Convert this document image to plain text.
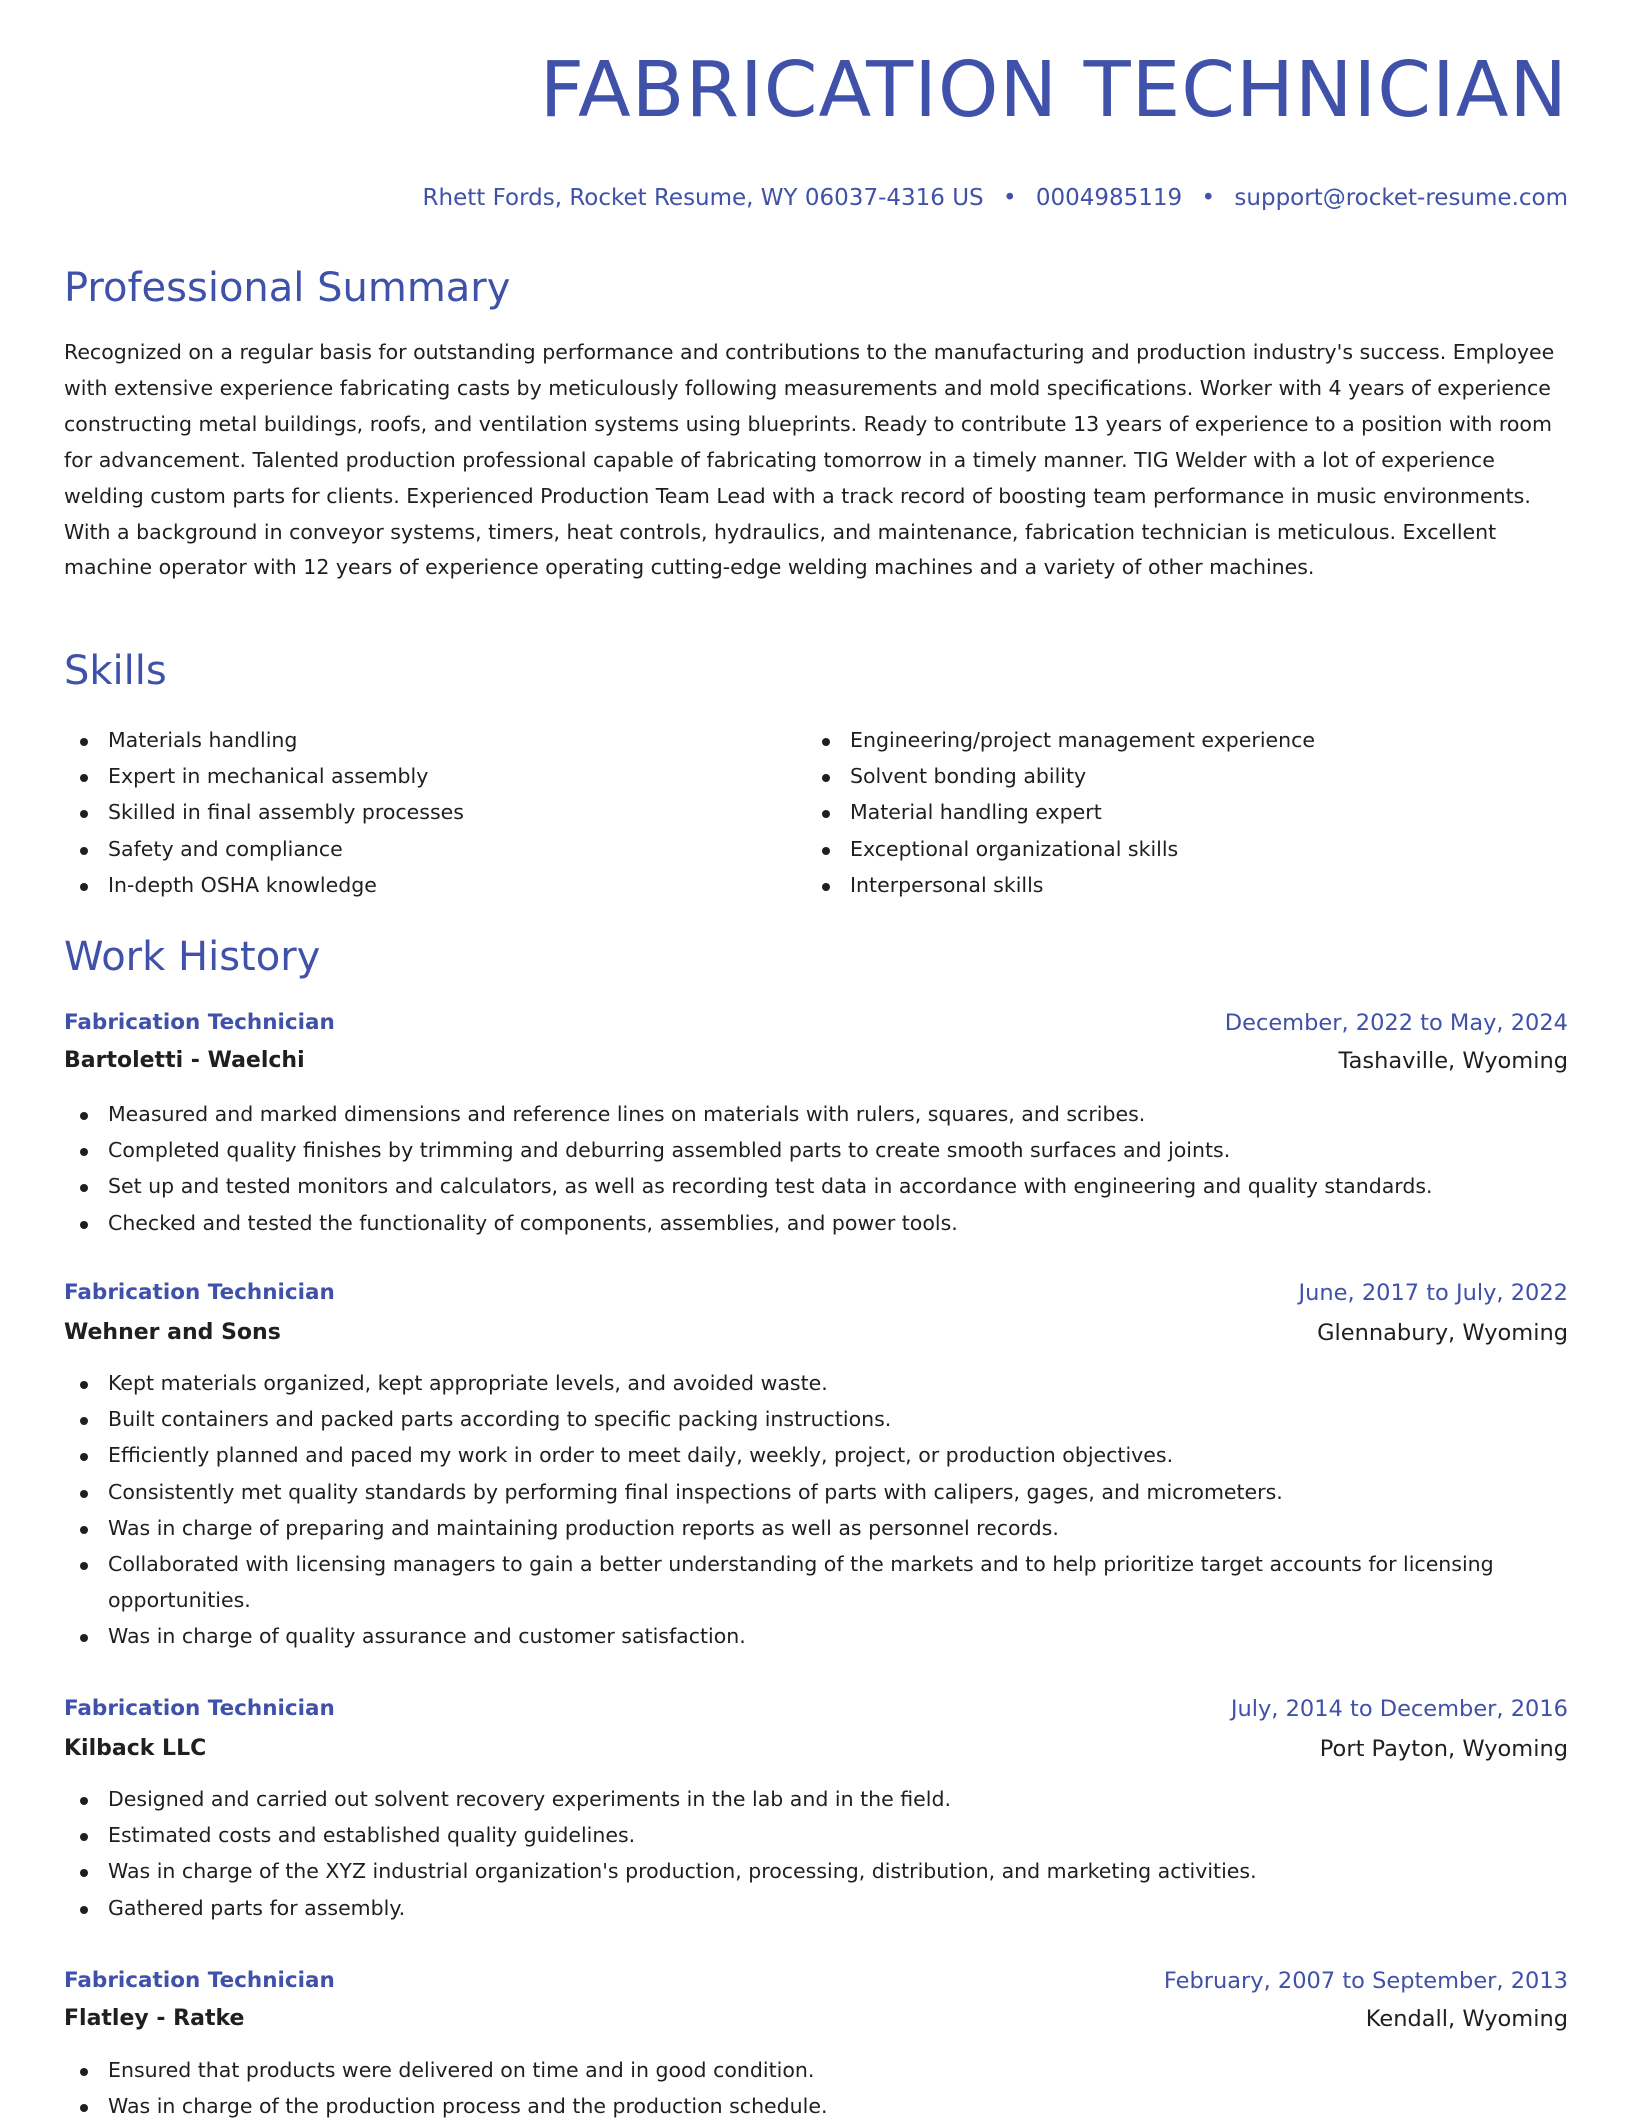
FABRICATION TECHNICIAN
Rhett Fords, Rocket Resume, WY 06037-4316 US • 0004985119 • support@rocket-resume.com
Professional Summary

Recognized on a regular basis for outstanding performance and contributions to the manufacturing and production industry's success. Employee with extensive experience fabricating casts by meticulously following measurements and mold specifications. Worker with 4 years of experience constructing metal buildings, roofs, and ventilation systems using blueprints. Ready to contribute 13 years of experience to a position with room for advancement. Talented production professional capable of fabricating tomorrow in a timely manner. TIG Welder with a lot of experience welding custom parts for clients. Experienced Production Team Lead with a track record of boosting team performance in music environments. With a background in conveyor systems, timers, heat controls, hydraulics, and maintenance, fabrication technician is meticulous. Excellent machine operator with 12 years of experience operating cutting-edge welding machines and a variety of other machines.

Skills
Materials handling
Expert in mechanical assembly
Skilled in final assembly processes
Safety and compliance
In-depth OSHA knowledge
Engineering/project management experience
Solvent bonding ability
Material handling expert
Exceptional organizational skills
Interpersonal skills
Work History
Fabrication Technician	December, 2022 to May, 2024
Bartoletti - Waelchi	Tashaville, Wyoming
Measured and marked dimensions and reference lines on materials with rulers, squares, and scribes.
Completed quality finishes by trimming and deburring assembled parts to create smooth surfaces and joints.
Set up and tested monitors and calculators, as well as recording test data in accordance with engineering and quality standards.
Checked and tested the functionality of components, assemblies, and power tools.
Fabrication Technician	June, 2017 to July, 2022
Wehner and Sons	Glennabury, Wyoming
Kept materials organized, kept appropriate levels, and avoided waste.
Built containers and packed parts according to specific packing instructions.
Efficiently planned and paced my work in order to meet daily, weekly, project, or production objectives.
Consistently met quality standards by performing final inspections of parts with calipers, gages, and micrometers.
Was in charge of preparing and maintaining production reports as well as personnel records.
Collaborated with licensing managers to gain a better understanding of the markets and to help prioritize target accounts for licensing opportunities.
Was in charge of quality assurance and customer satisfaction.
Fabrication Technician	July, 2014 to December, 2016
Kilback LLC	Port Payton, Wyoming
Designed and carried out solvent recovery experiments in the lab and in the field.
Estimated costs and established quality guidelines.
Was in charge of the XYZ industrial organization's production, processing, distribution, and marketing activities.
Gathered parts for assembly.
Fabrication Technician	February, 2007 to September, 2013
Flatley - Ratke	Kendall, Wyoming
Ensured that products were delivered on time and in good condition.
Was in charge of the production process and the production schedule.
